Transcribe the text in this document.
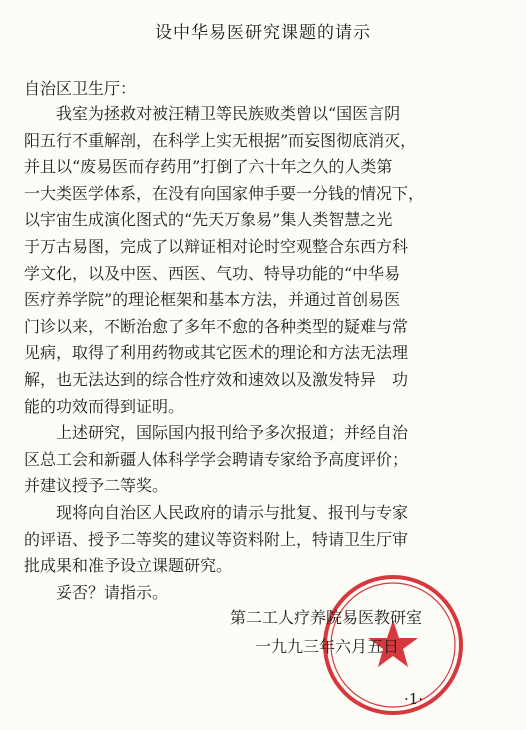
设中华易医研究课题的请示
自治区卫生厅：
　　我室为拯救对被汪精卫等民族败类曾以“国医言阴
阳五行不重解剖，在科学上实无根据”而妄图彻底消灭，
并且以“废易医而存药用”打倒了六十年之久的人类第
一大类医学体系，在没有向国家伸手要一分钱的情况下，
以宇宙生成演化图式的“先天万象易”集人类智慧之光
于万古易图，完成了以辩证相对论时空观整合东西方科
学文化，以及中医、西医、气功、特导功能的“中华易
医疗养学院”的理论框架和基本方法，并通过首创易医
门诊以来，不断治愈了多年不愈的各种类型的疑难与常
见病，取得了利用药物或其它医术的理论和方法无法理
解，也无法达到的综合性疗效和速效以及激发特异　功
能的功效而得到证明。
　　上述研究，国际国内报刊给予多次报道；并经自治
区总工会和新疆人体科学学会聘请专家给予高度评价；
并建议授予二等奖。
　　现将向自治区人民政府的请示与批复、报刊与专家
的评语、授予二等奖的建议等资料附上，特请卫生厅审
批成果和准予设立课题研究。
　　妥否？请指示。
第二工人疗养院易医教研室
一九九三年六月五日
·1·
